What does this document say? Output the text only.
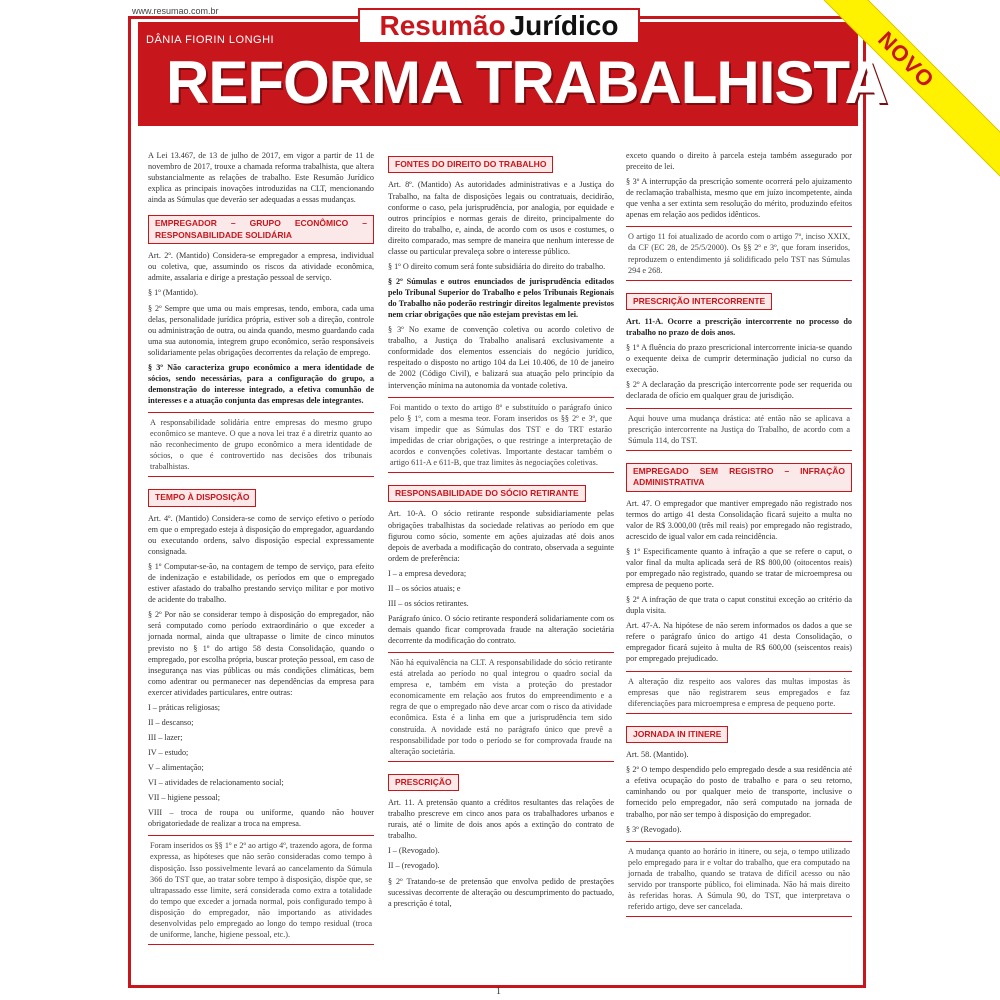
www.resumao.com.br	Resumão Jurídico
DÂNIA FIORIN LONGHI
REFORMA TRABALHISTA
NOVO

A Lei 13.467, de 13 de julho de 2017, em vigor a partir de 11 de novembro de 2017, trouxe a chamada reforma trabalhista, que altera substancialmente as relações de trabalho. Este Resumão Jurídico explica as principais inovações introduzidas na CLT, mencionando ainda as Súmulas que deverão ser adequadas a essas mudanças.

EMPREGADOR – GRUPO ECONÔMICO – RESPONSABILIDADE SOLIDÁRIA

Art. 2º. (Mantido) Considera-se empregador a empresa, individual ou coletiva, que, assumindo os riscos da atividade econômica, admite, assalaria e dirige a prestação pessoal de serviço.

§ 1º (Mantido).

§ 2º Sempre que uma ou mais empresas, tendo, embora, cada uma delas, personalidade jurídica própria, estiver sob a direção, controle ou administração de outra, ou ainda quando, mesmo guardando cada uma sua autonomia, integrem grupo econômico, serão responsáveis solidariamente pelas obrigações decorrentes da relação de emprego.

§ 3º Não caracteriza grupo econômico a mera identidade de sócios, sendo necessárias, para a configuração do grupo, a demonstração do interesse integrado, a efetiva comunhão de interesses e a atuação conjunta das empresas dele integrantes.

A responsabilidade solidária entre empresas do mesmo grupo econômico se manteve. O que a nova lei traz é a diretriz quanto ao não reconhecimento de grupo econômico a mera identidade de sócios, o que é controvertido nas decisões dos tribunais trabalhistas.
TEMPO À DISPOSIÇÃO

Art. 4º. (Mantido) Considera-se como de serviço efetivo o período em que o empregado esteja à disposição do empregador, aguardando ou executando ordens, salvo disposição especial expressamente consignada.

§ 1º Computar-se-ão, na contagem de tempo de serviço, para efeito de indenização e estabilidade, os períodos em que o empregado estiver afastado do trabalho prestando serviço militar e por motivo de acidente do trabalho.

§ 2º Por não se considerar tempo à disposição do empregador, não será computado como período extraordinário o que exceder a jornada normal, ainda que ultrapasse o limite de cinco minutos previsto no § 1º do artigo 58 desta Consolidação, quando o empregado, por escolha própria, buscar proteção pessoal, em caso de insegurança nas vias públicas ou más condições climáticas, bem como adentrar ou permanecer nas dependências da empresa para exercer atividades particulares, entre outras:

I – práticas religiosas;

II – descanso;

III – lazer;

IV – estudo;

V – alimentação;

VI – atividades de relacionamento social;

VII – higiene pessoal;

VIII – troca de roupa ou uniforme, quando não houver obrigatoriedade de realizar a troca na empresa.

Foram inseridos os §§ 1º e 2º ao artigo 4º, trazendo agora, de forma expressa, as hipóteses que não serão consideradas como tempo à disposição. Isso possivelmente levará ao cancelamento da Súmula 366 do TST que, ao tratar sobre tempo à disposição, dispõe que, se ultrapassado esse limite, será considerada como extra a totalidade do tempo que exceder a jornada normal, pois configurado tempo à disposição do empregador, não importando as atividades desenvolvidas pelo empregado ao longo do tempo residual (troca de uniforme, lanche, higiene pessoal, etc.).
FONTES DO DIREITO DO TRABALHO

Art. 8º. (Mantido) As autoridades administrativas e a Justiça do Trabalho, na falta de disposições legais ou contratuais, decidirão, conforme o caso, pela jurisprudência, por analogia, por equidade e outros princípios e normas gerais de direito, principalmente do direito do trabalho, e, ainda, de acordo com os usos e costumes, o direito comparado, mas sempre de maneira que nenhum interesse de classe ou particular prevaleça sobre o interesse público.

§ 1º O direito comum será fonte subsidiária do direito do trabalho.

§ 2º Súmulas e outros enunciados de jurisprudência editados pelo Tribunal Superior do Trabalho e pelos Tribunais Regionais do Trabalho não poderão restringir direitos legalmente previstos nem criar obrigações que não estejam previstas em lei.

§ 3º No exame de convenção coletiva ou acordo coletivo de trabalho, a Justiça do Trabalho analisará exclusivamente a conformidade dos elementos essenciais do negócio jurídico, respeitado o disposto no artigo 104 da Lei 10.406, de 10 de janeiro de 2002 (Código Civil), e balizará sua atuação pelo princípio da intervenção mínima na autonomia da vontade coletiva.

Foi mantido o texto do artigo 8º e substituído o parágrafo único pelo § 1º, com a mesma teor. Foram inseridos os §§ 2º e 3º, que visam impedir que as Súmulas dos TST e do TRT estarão impedidas de criar obrigações, o que restringe a interpretação de acordos e convenções coletivas. Importante destacar também o artigo 611-A e 611-B, que traz limites às negociações coletivas.
RESPONSABILIDADE DO SÓCIO RETIRANTE

Art. 10-A. O sócio retirante responde subsidiariamente pelas obrigações trabalhistas da sociedade relativas ao período em que figurou como sócio, somente em ações ajuizadas até dois anos depois de averbada a modificação do contrato, observada a seguinte ordem de preferência:

I – a empresa devedora;

II – os sócios atuais; e

III – os sócios retirantes.

Parágrafo único. O sócio retirante responderá solidariamente com os demais quando ficar comprovada fraude na alteração societária decorrente da modificação do contrato.

Não há equivalência na CLT. A responsabilidade do sócio retirante está atrelada ao período no qual integrou o quadro social da empresa e, também em vista a proteção do prestador economicamente em relação aos frutos do empreendimento e a regra de que o empregado não deve arcar com o risco da atividade econômica. Esta é a linha em que a jurisprudência tem sido construída. A novidade está no parágrafo único que prevê a responsabilidade por todo o período se for comprovada fraude na alteração societária.
PRESCRIÇÃO

Art. 11. A pretensão quanto a créditos resultantes das relações de trabalho prescreve em cinco anos para os trabalhadores urbanos e rurais, até o limite de dois anos após a extinção do contrato de trabalho.

I – (Revogado).

II – (revogado).

§ 2º Tratando-se de pretensão que envolva pedido de prestações sucessivas decorrente de alteração ou descumprimento do pactuado, a prescrição é total,

exceto quando o direito à parcela esteja também assegurado por preceito de lei.

§ 3º A interrupção da prescrição somente ocorrerá pelo ajuizamento de reclamação trabalhista, mesmo que em juízo incompetente, ainda que venha a ser extinta sem resolução do mérito, produzindo efeitos apenas em relação aos pedidos idênticos.

O artigo 11 foi atualizado de acordo com o artigo 7º, inciso XXIX, da CF (EC 28, de 25/5/2000). Os §§ 2º e 3º, que foram inseridos, reproduzem o entendimento já solidificado pelo TST nas Súmulas 294 e 268.
PRESCRIÇÃO INTERCORRENTE

Art. 11-A. Ocorre a prescrição intercorrente no processo do trabalho no prazo de dois anos.

§ 1º A fluência do prazo prescricional intercorrente inicia-se quando o exequente deixa de cumprir determinação judicial no curso da execução.

§ 2º A declaração da prescrição intercorrente pode ser requerida ou declarada de ofício em qualquer grau de jurisdição.

Aqui houve uma mudança drástica: até então não se aplicava a prescrição intercorrente na Justiça do Trabalho, de acordo com a Súmula 114, do TST.
EMPREGADO SEM REGISTRO – INFRAÇÃO ADMINISTRATIVA

Art. 47. O empregador que mantiver empregado não registrado nos termos do artigo 41 desta Consolidação ficará sujeito a multa no valor de R$ 3.000,00 (três mil reais) por empregado não registrado, acrescido de igual valor em cada reincidência.

§ 1º Especificamente quanto à infração a que se refere o caput, o valor final da multa aplicada será de R$ 800,00 (oitocentos reais) por empregado não registrado, quando se tratar de microempresa ou empresa de pequeno porte.

§ 2º A infração de que trata o caput constitui exceção ao critério da dupla visita.

Art. 47-A. Na hipótese de não serem informados os dados a que se refere o parágrafo único do artigo 41 desta Consolidação, o empregador ficará sujeito à multa de R$ 600,00 (seiscentos reais) por empregado prejudicado.

A alteração diz respeito aos valores das multas impostas às empresas que não registrarem seus empregados e faz diferenciações para microempresa e empresa de pequeno porte.
JORNADA IN ITINERE

Art. 58. (Mantido).

§ 2º O tempo despendido pelo empregado desde a sua residência até a efetiva ocupação do posto de trabalho e para o seu retorno, caminhando ou por qualquer meio de transporte, inclusive o fornecido pelo empregador, não será computado na jornada de trabalho, por não ser tempo à disposição do empregador.

§ 3º (Revogado).

A mudança quanto ao horário in itinere, ou seja, o tempo utilizado pelo empregado para ir e voltar do trabalho, que era computado na jornada de trabalho, quando se tratava de difícil acesso ou não servido por transporte público, foi eliminada. Não há mais direito às referidas horas. A Súmula 90, do TST, que interpretava o referido artigo, deve ser cancelada.
1
